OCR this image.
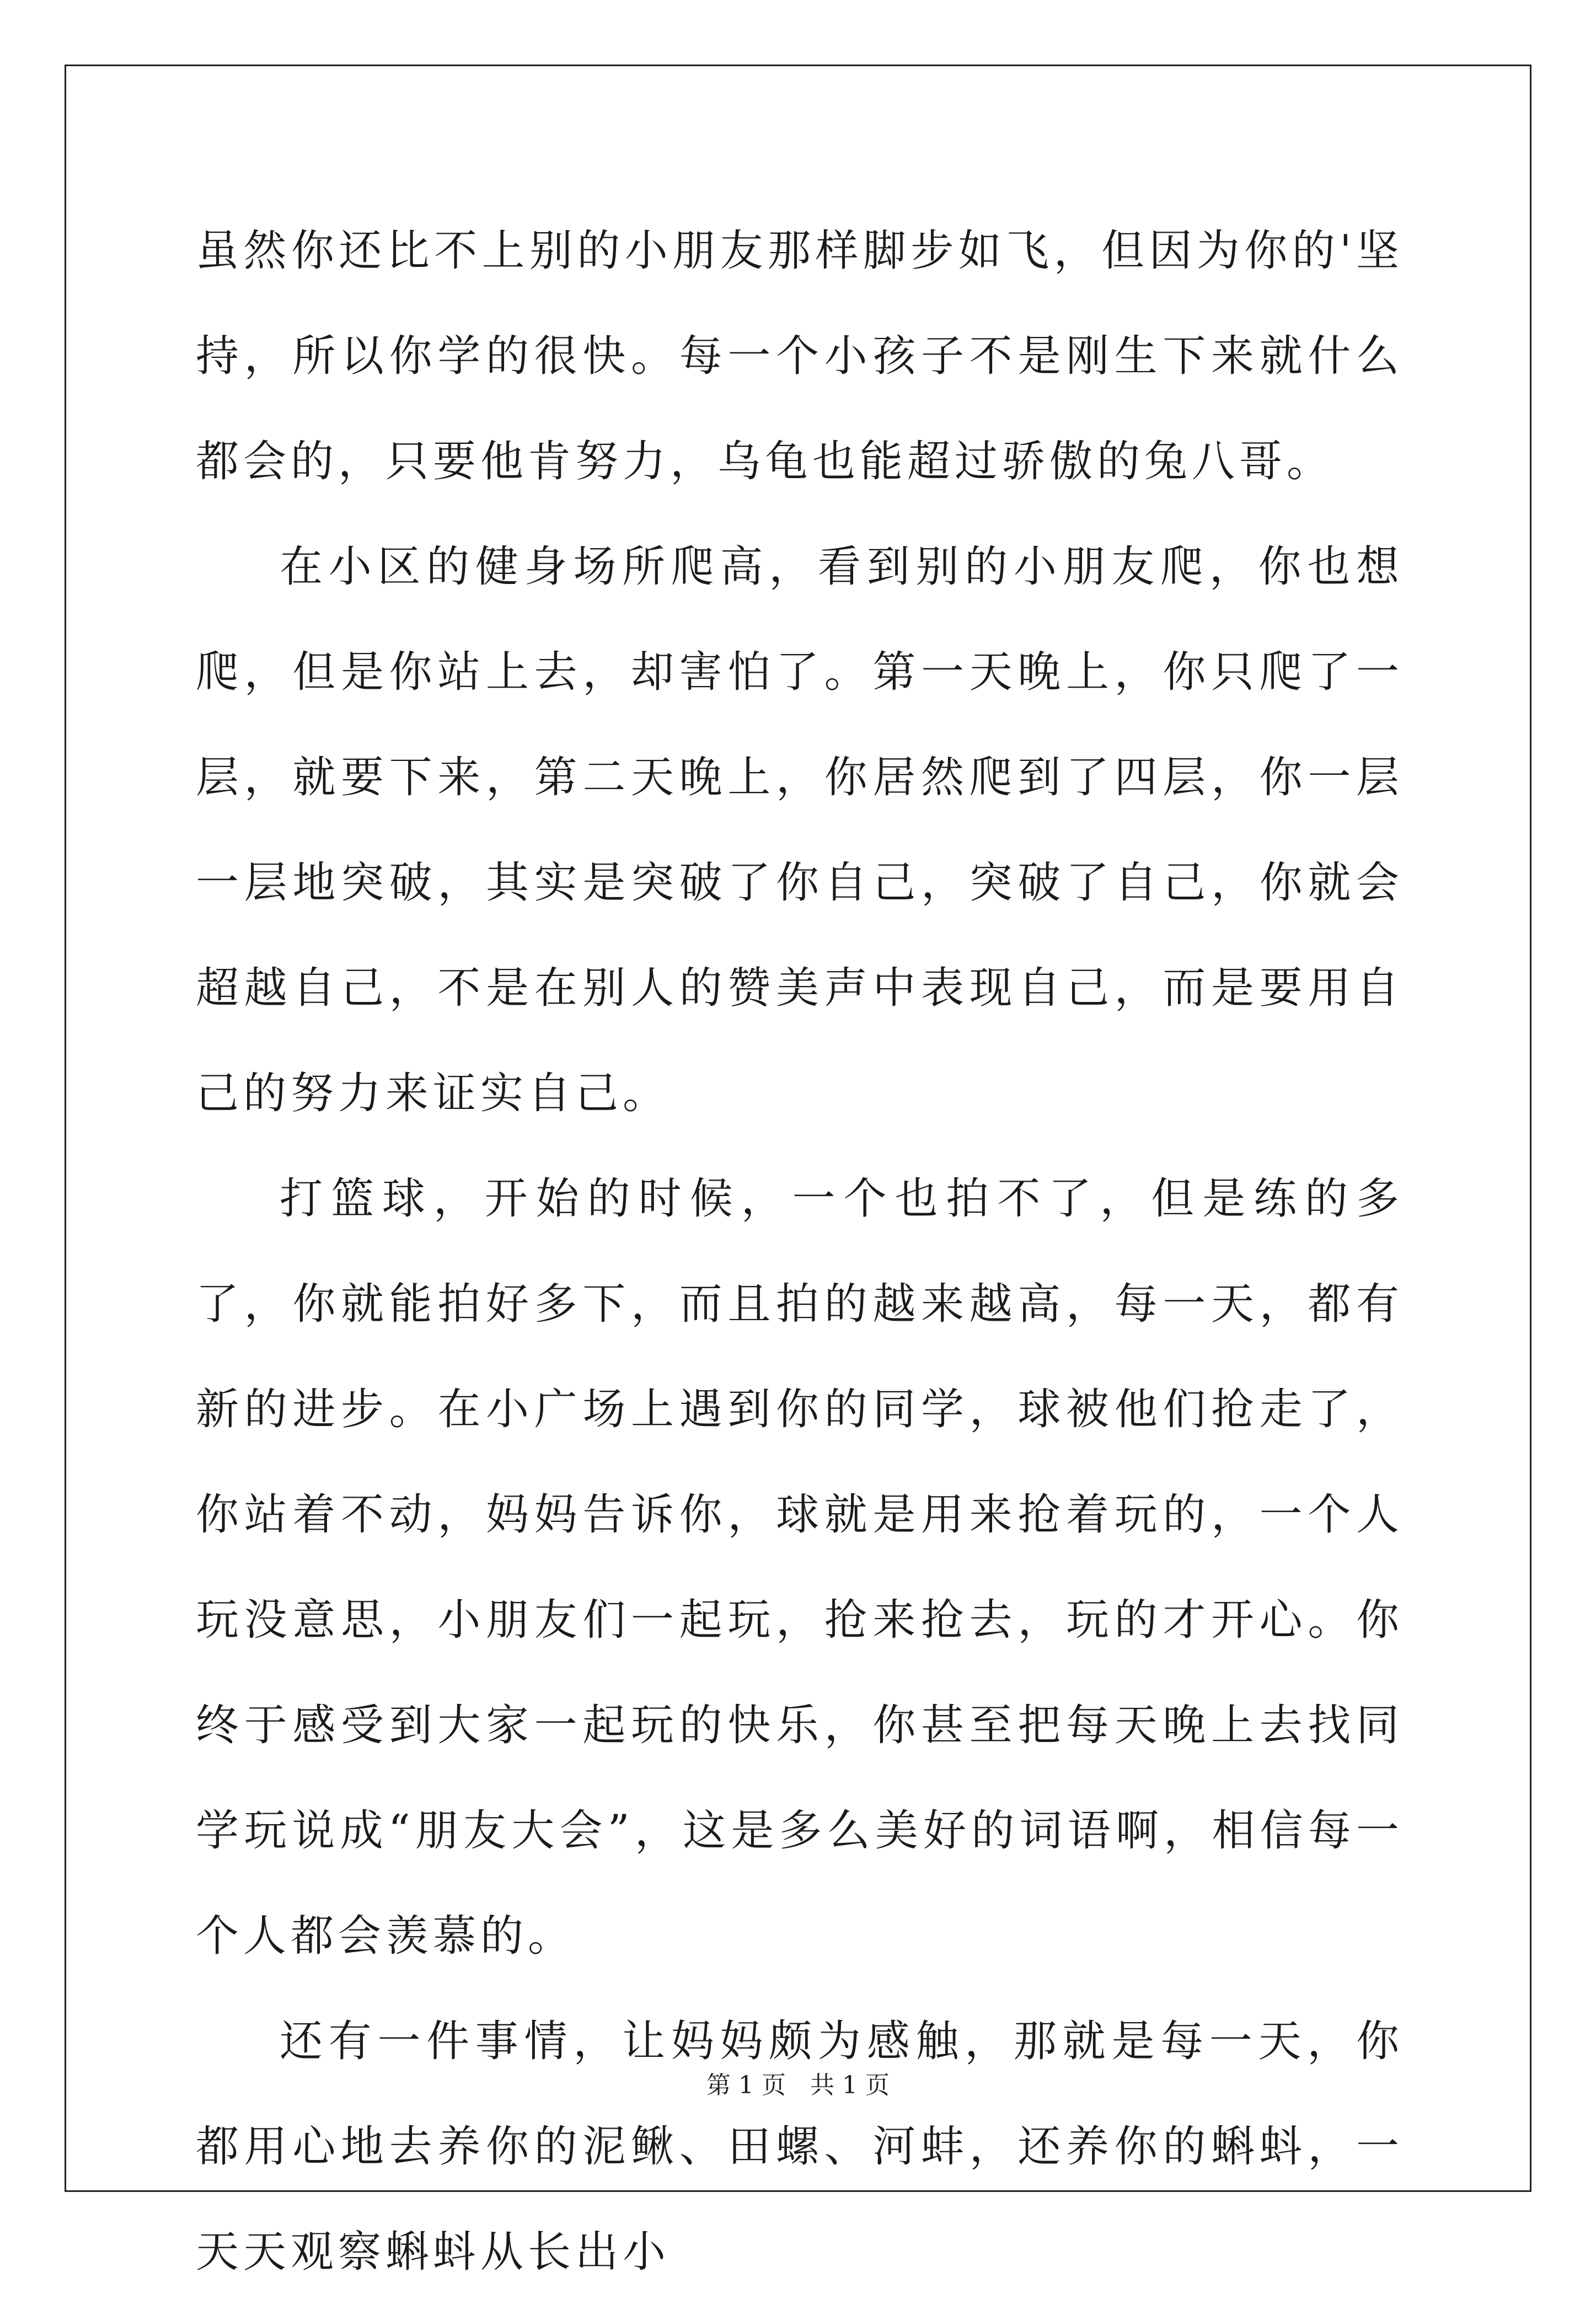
虽然你还比不上别的小朋友那样脚步如飞，但因为你的'坚持，所以你学的很快。每一个小孩子不是刚生下来就什么都会的，只要他肯努力，乌龟也能超过骄傲的兔八哥。

在小区的健身场所爬高，看到别的小朋友爬，你也想爬，但是你站上去，却害怕了。第一天晚上，你只爬了一层，就要下来，第二天晚上，你居然爬到了四层，你一层一层地突破，其实是突破了你自己，突破了自己，你就会超越自己，不是在别人的赞美声中表现自己，而是要用自己的努力来证实自己。

打篮球，开始的时候，一个也拍不了，但是练的多了，你就能拍好多下，而且拍的越来越高，每一天，都有新的进步。在小广场上遇到你的同学，球被他们抢走了，你站着不动，妈妈告诉你，球就是用来抢着玩的，一个人玩没意思，小朋友们一起玩，抢来抢去，玩的才开心。你终于感受到大家一起玩的快乐，你甚至把每天晚上去找同学玩说成“朋友大会”，这是多么美好的词语啊，相信每一个人都会羡慕的。

还有一件事情，让妈妈颇为感触，那就是每一天，你都用心地去养你的泥鳅、田螺、河蚌，还养你的蝌蚪，一天天观察蝌蚪从长出小

第 1 页　共 1 页
